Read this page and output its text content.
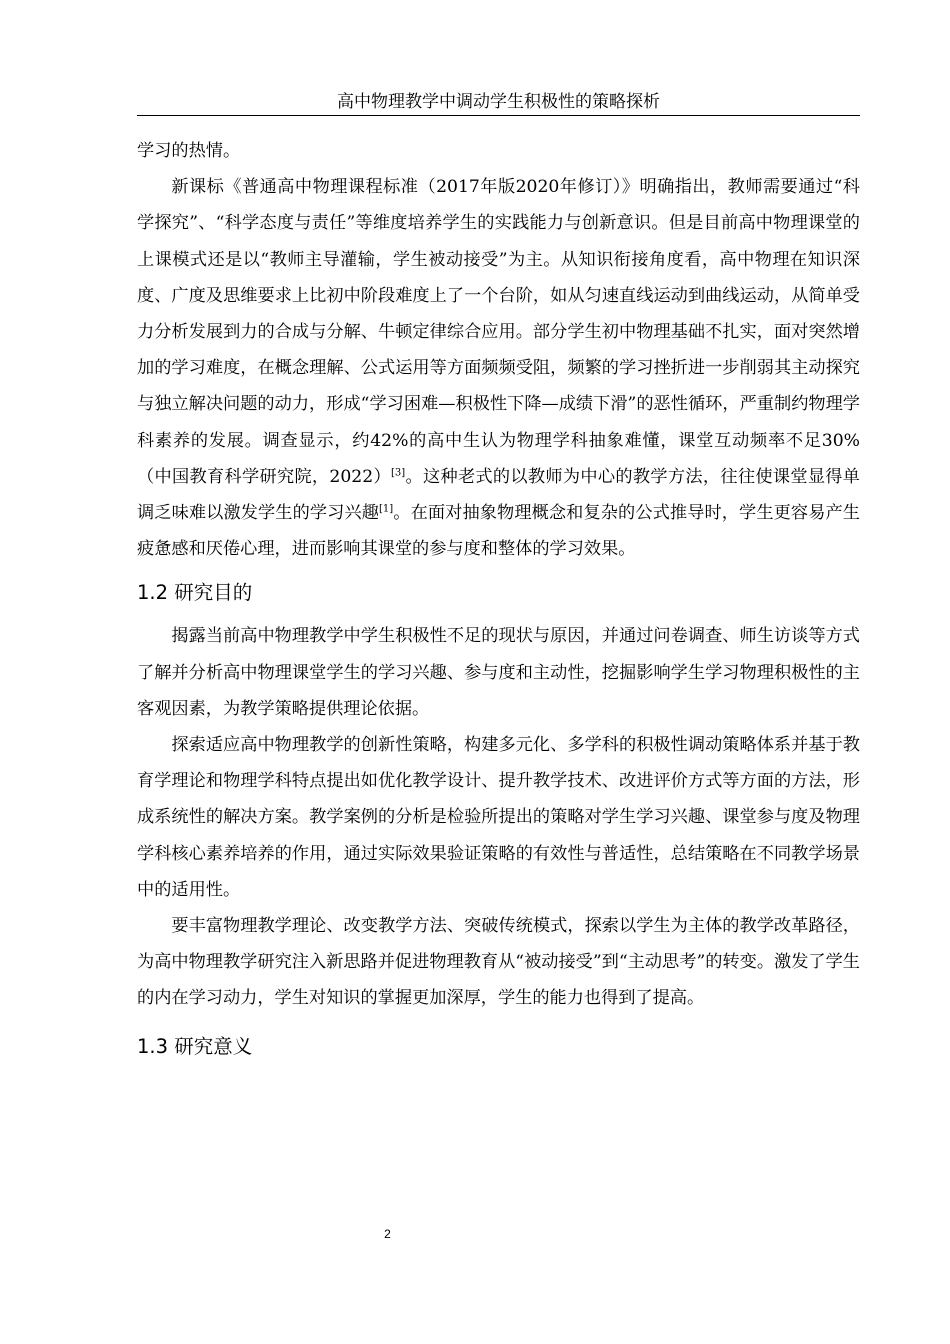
高中物理教学中调动学生积极性的策略探析

学习的热情。

新课标《普通高中物理课程标准（2017年版2020年修订）》明确指出，教师需要通过“科学探究”、“科学态度与责任”等维度培养学生的实践能力与创新意识。但是目前高中物理课堂的上课模式还是以“教师主导灌输，学生被动接受”为主。从知识衔接角度看，高中物理在知识深度、广度及思维要求上比初中阶段难度上了一个台阶，如从匀速直线运动到曲线运动，从简单受力分析发展到力的合成与分解、牛顿定律综合应用。部分学生初中物理基础不扎实，面对突然增加的学习难度，在概念理解、公式运用等方面频频受阻，频繁的学习挫折进一步削弱其主动探究与独立解决问题的动力，形成“学习困难—积极性下降—成绩下滑”的恶性循环，严重制约物理学科素养的发展。调查显示，约42%的高中生认为物理学科抽象难懂，课堂互动频率不足30%（中国教育科学研究院，2022）[3]。这种老式的以教师为中心的教学方法，往往使课堂显得单调乏味难以激发学生的学习兴趣[1]。在面对抽象物理概念和复杂的公式推导时，学生更容易产生疲惫感和厌倦心理，进而影响其课堂的参与度和整体的学习效果。

1.2 研究目的

揭露当前高中物理教学中学生积极性不足的现状与原因，并通过问卷调查、师生访谈等方式了解并分析高中物理课堂学生的学习兴趣、参与度和主动性，挖掘影响学生学习物理积极性的主客观因素，为教学策略提供理论依据。

探索适应高中物理教学的创新性策略，构建多元化、多学科的积极性调动策略体系并基于教育学理论和物理学科特点提出如优化教学设计、提升教学技术、改进评价方式等方面的方法，形成系统性的解决方案。教学案例的分析是检验所提出的策略对学生学习兴趣、课堂参与度及物理学科核心素养培养的作用，通过实际效果验证策略的有效性与普适性，总结策略在不同教学场景中的适用性。

要丰富物理教学理论、改变教学方法、突破传统模式，探索以学生为主体的教学改革路径，为高中物理教学研究注入新思路并促进物理教育从“被动接受”到“主动思考”的转变。激发了学生的内在学习动力，学生对知识的掌握更加深厚，学生的能力也得到了提高。

1.3 研究意义
2
